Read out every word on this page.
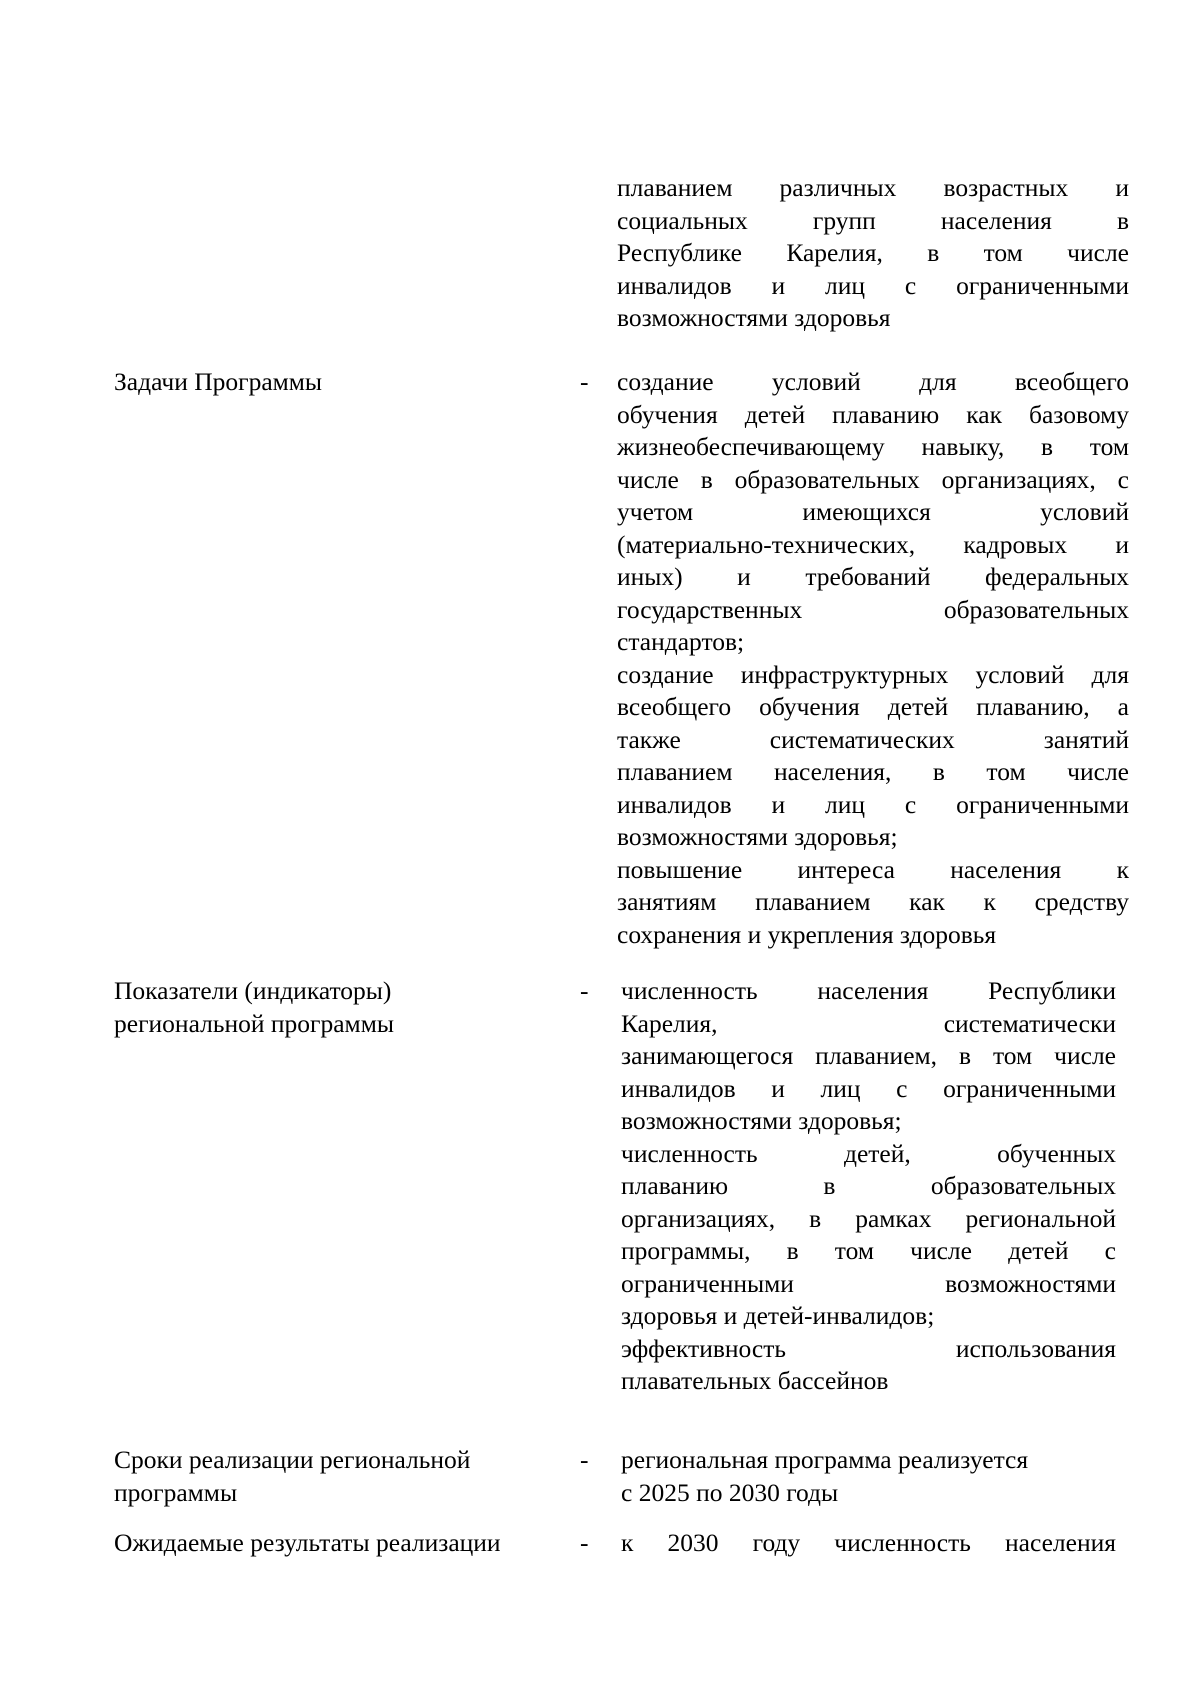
плаванием различных возрастных и
социальных групп населения в
Республике Карелия, в том числе
инвалидов и лиц с ограниченными
возможностями здоровья
Задачи Программы	- создание условий для всеобщего
обучения детей плаванию как базовому
жизнеобеспечивающему навыку, в том
числе в образовательных организациях, с
учетом имеющихся условий
(материально-технических, кадровых и
иных) и требований федеральных
государственных образовательных
стандартов;
создание инфраструктурных условий для
всеобщего обучения детей плаванию, а
также систематических занятий
плаванием населения, в том числе
инвалидов и лиц с ограниченными
возможностями здоровья;
повышение интереса населения к
занятиям плаванием как к средству
сохранения и укрепления здоровья
Показатели (индикаторы)
региональной программы
- численность населения Республики
Карелия, систематически
занимающегося плаванием, в том числе
инвалидов и лиц с ограниченными
возможностями здоровья;
численность детей, обученных
плаванию в образовательных
организациях, в рамках региональной
программы, в том числе детей с
ограниченными возможностями
здоровья и детей-инвалидов;
эффективность использования
плавательных бассейнов
Сроки реализации региональной
программы
- региональная программа реализуется
с 2025 по 2030 годы
Ожидаемые результаты реализации	- к 2030 году численность населения
